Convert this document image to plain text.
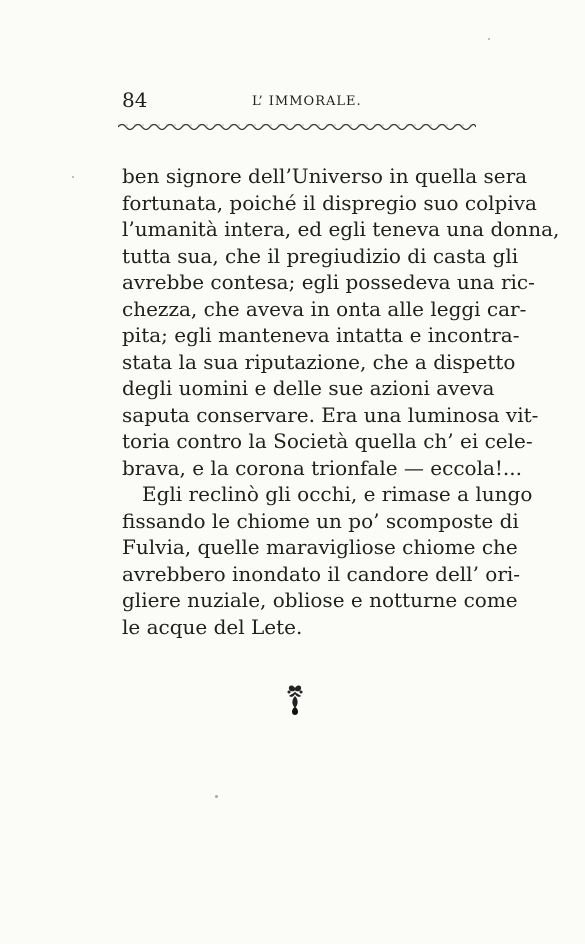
84	L’ IMMORALE.
ben signore dell’Universo in quella sera
fortunata, poiché il dispregio suo colpiva
l’umanità intera, ed egli teneva una donna,
tutta sua, che il pregiudizio di casta gli
avrebbe contesa; egli possedeva una ric-
chezza, che aveva in onta alle leggi car-
pita; egli manteneva intatta e incontra-
stata la sua riputazione, che a dispetto
degli uomini e delle sue azioni aveva
saputa conservare. Era una luminosa vit-
toria contro la Società quella ch’ ei cele-
brava, e la corona trionfale — eccola!...
Egli reclinò gli occhi, e rimase a lungo
fissando le chiome un po’ scomposte di
Fulvia, quelle maravigliose chiome che
avrebbero inondato il candore dell’ ori-
gliere nuziale, obliose e notturne come
le acque del Lete.
